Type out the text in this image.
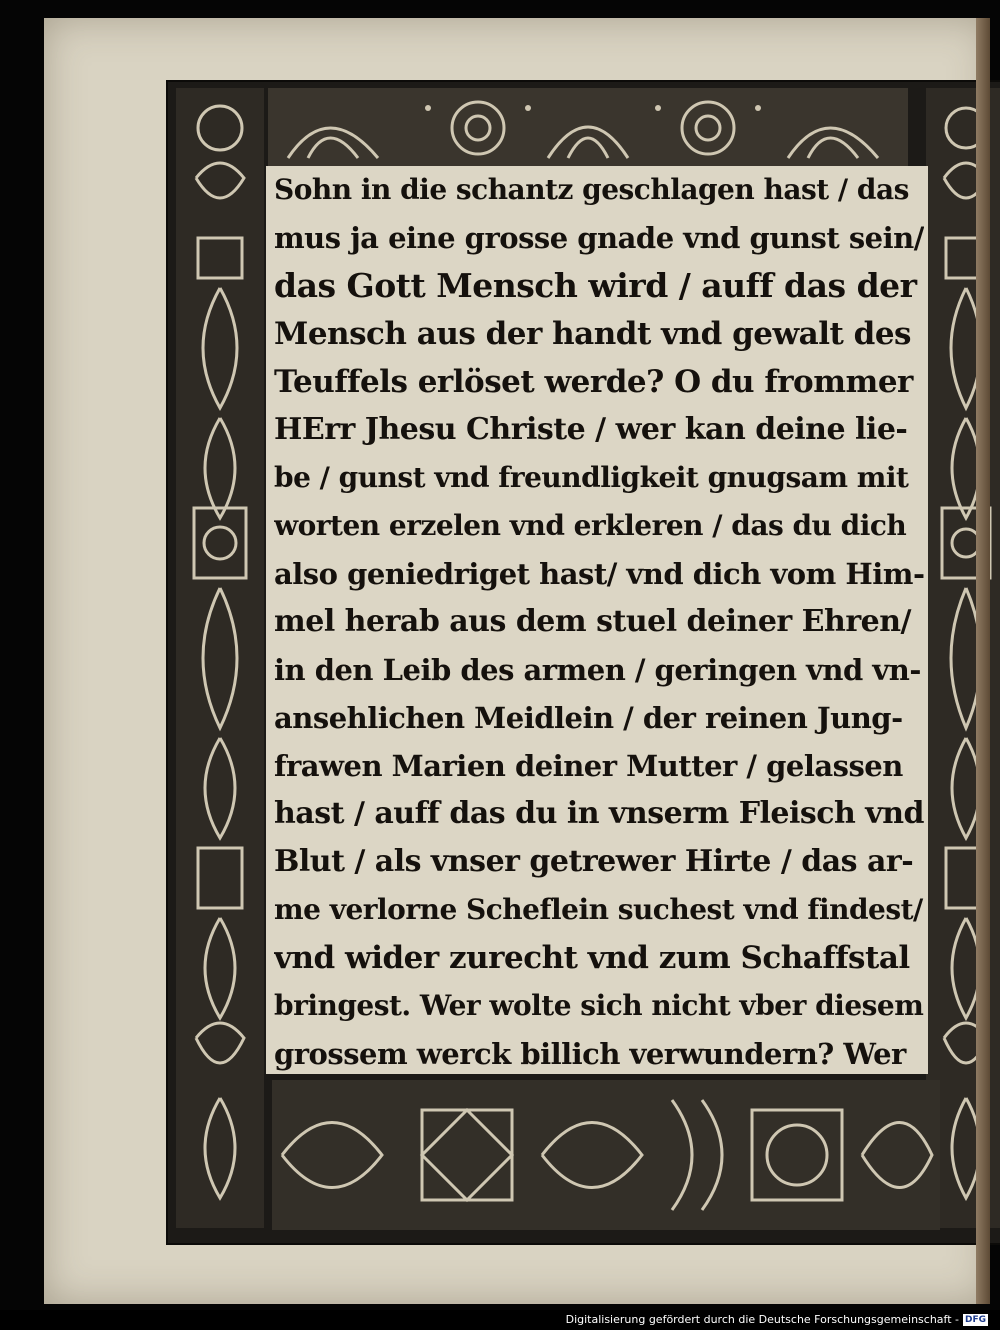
Sohn in die schantz geschlagen hast / das
mus ja eine grosse gnade vnd gunst sein/
das Gott Mensch wird / auff das der
Mensch aus der handt vnd gewalt des
Teuffels erlöset werde? O du frommer
HErr Jhesu Christe / wer kan deine lie-
be / gunst vnd freundligkeit gnugsam mit
worten erzelen vnd erkleren / das du dich
also geniedriget hast/ vnd dich vom Him-
mel herab aus dem stuel deiner Ehren/
in den Leib des armen / geringen vnd vn-
ansehlichen Meidlein / der reinen Jung-
frawen Marien deiner Mutter / gelassen
hast / auff das du in vnserm Fleisch vnd
Blut / als vnser getrewer Hirte / das ar-
me verlorne Scheflein suchest vnd findest/
vnd wider zurecht vnd zum Schaffstal
bringest. Wer wolte sich nicht vber diesem
grossem werck billich verwundern? Wer
Digitalisierung gefördert durch die Deutsche Forschungsgemeinschaft - DFG
